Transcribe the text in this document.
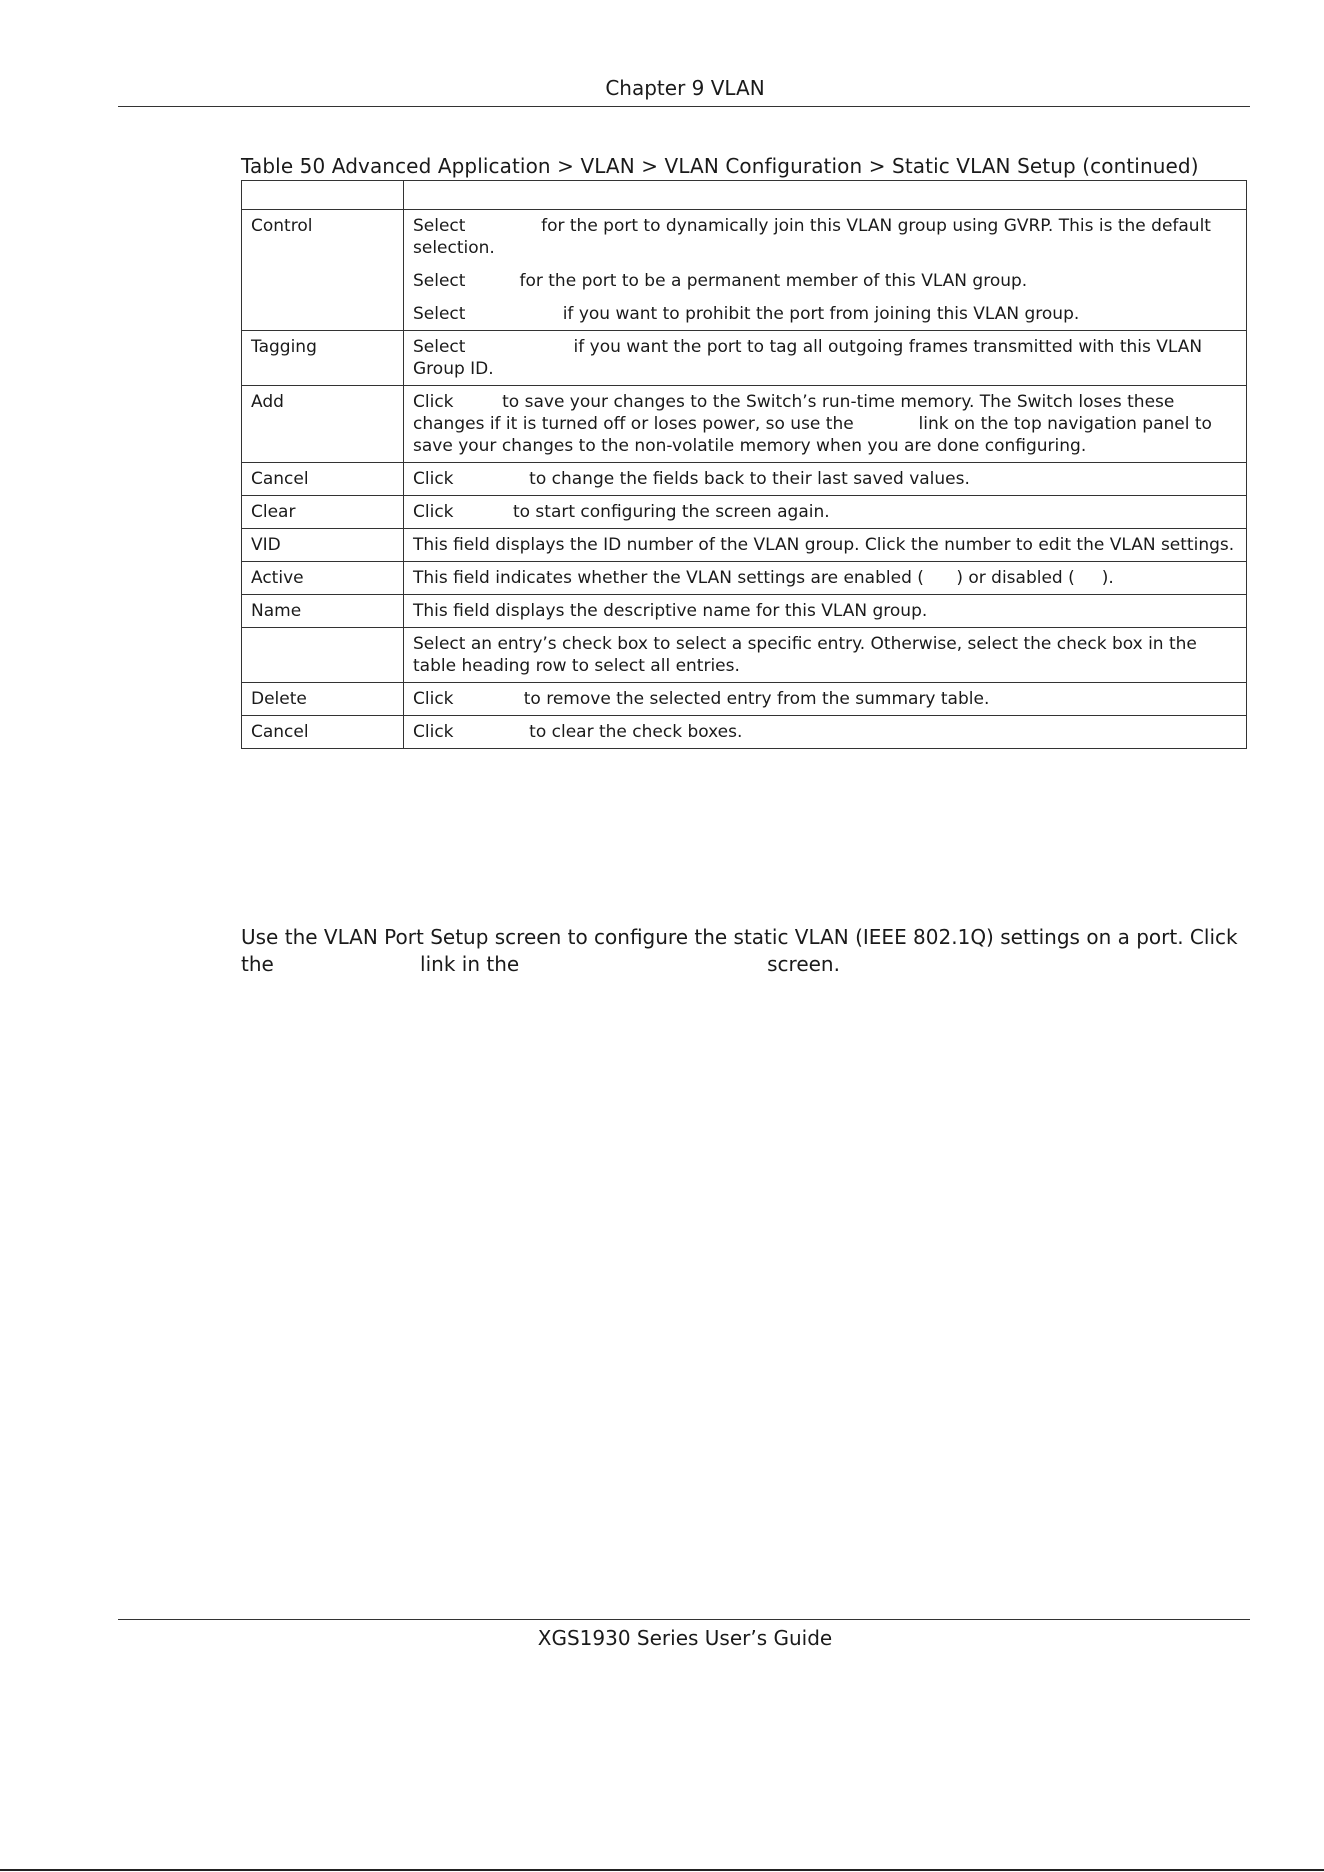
Chapter 9 VLAN
Table 50 Advanced Application > VLAN > VLAN Configuration > Static VLAN Setup (continued)

Control	Select              for the port to dynamically join this VLAN group using GVRP. This is the default selection.
Select          for the port to be a permanent member of this VLAN group.
Select                  if you want to prohibit the port from joining this VLAN group.

Tagging	Select                    if you want the port to tag all outgoing frames transmitted with this VLAN Group ID.

Add	Click         to save your changes to the Switch’s run-time memory. The Switch loses these changes if it is turned off or loses power, so use the            link on the top navigation panel to save your changes to the non-volatile memory when you are done configuring.

Cancel	Click              to change the fields back to their last saved values.

Clear	Click           to start configuring the screen again.

VID	This field displays the ID number of the VLAN group. Click the number to edit the VLAN settings.

Active	This field indicates whether the VLAN settings are enabled (      ) or disabled (     ).

Name	This field displays the descriptive name for this VLAN group.

	Select an entry’s check box to select a specific entry. Otherwise, select the check box in the table heading row to select all entries.

Delete	Click             to remove the selected entry from the summary table.

Cancel	Click              to clear the check boxes.
Use the VLAN Port Setup screen to configure the static VLAN (IEEE 802.1Q) settings on a port. Click the                       link in the                                       screen.
XGS1930 Series User’s Guide
